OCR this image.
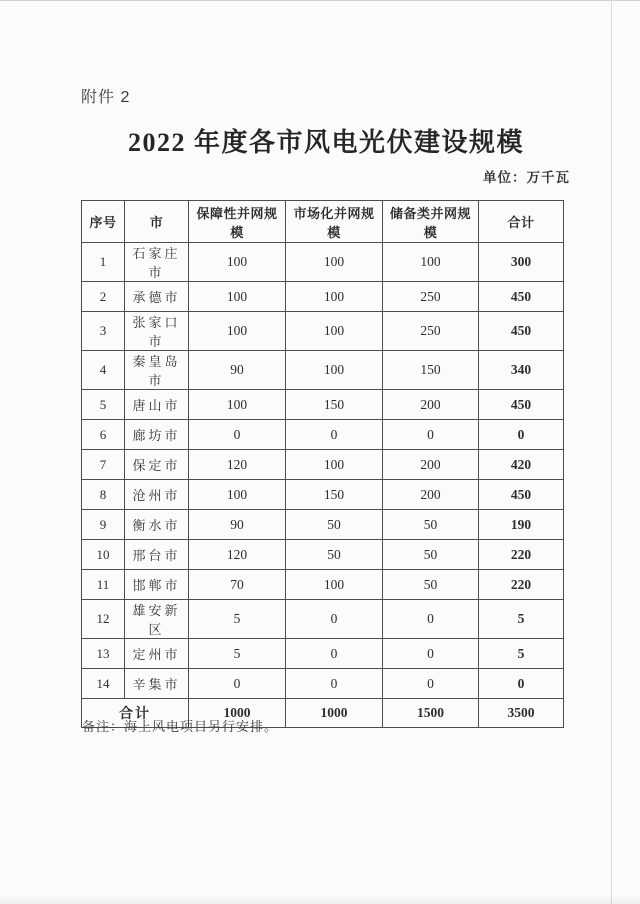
附件 2
2022 年度各市风电光伏建设规模
单位：万千瓦
序号	市	保障性并网规模	市场化并网规模	储备类并网规模	合计
1	石家庄市	100	100	100	300
2	承德市	100	100	250	450
3	张家口市	100	100	250	450
4	秦皇岛市	90	100	150	340
5	唐山市	100	150	200	450
6	廊坊市	0	0	0	0
7	保定市	120	100	200	420
8	沧州市	100	150	200	450
9	衡水市	90	50	50	190
10	邢台市	120	50	50	220
11	邯郸市	70	100	50	220
12	雄安新区	5	0	0	5
13	定州市	5	0	0	5
14	辛集市	0	0	0	0
合计		1000	1000	1500	3500
备注：海上风电项目另行安排。
